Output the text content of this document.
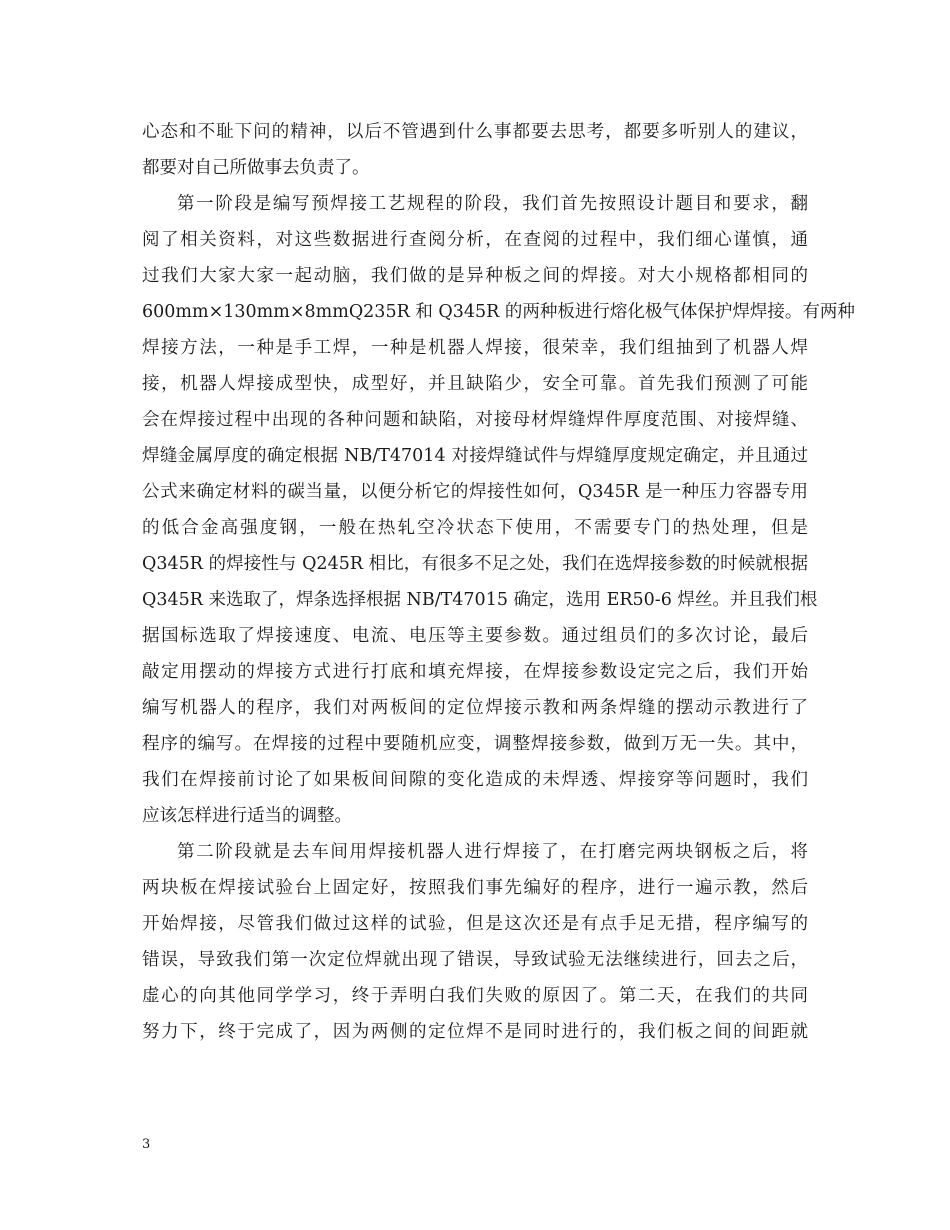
心态和不耻下问的精神，以后不管遇到什么事都要去思考，都要多听别人的建议，
都要对自己所做事去负责了。
第一阶段是编写预焊接工艺规程的阶段，我们首先按照设计题目和要求，翻
阅了相关资料，对这些数据进行查阅分析，在查阅的过程中，我们细心谨慎，通
过我们大家大家一起动脑，我们做的是异种板之间的焊接。对大小规格都相同的
600mm×130mm×8mmQ235R 和 Q345R 的两种板进行熔化极气体保护焊焊接。有两种
焊接方法，一种是手工焊，一种是机器人焊接，很荣幸，我们组抽到了机器人焊
接，机器人焊接成型快，成型好，并且缺陷少，安全可靠。首先我们预测了可能
会在焊接过程中出现的各种问题和缺陷，对接母材焊缝焊件厚度范围、对接焊缝、
焊缝金属厚度的确定根据 NB/T47014 对接焊缝试件与焊缝厚度规定确定，并且通过
公式来确定材料的碳当量，以便分析它的焊接性如何，Q345R 是一种压力容器专用
的低合金高强度钢，一般在热轧空冷状态下使用，不需要专门的热处理，但是
Q345R 的焊接性与 Q245R 相比，有很多不足之处，我们在选焊接参数的时候就根据
Q345R 来选取了，焊条选择根据 NB/T47015 确定，选用 ER50-6 焊丝。并且我们根
据国标选取了焊接速度、电流、电压等主要参数。通过组员们的多次讨论，最后
敲定用摆动的焊接方式进行打底和填充焊接，在焊接参数设定完之后，我们开始
编写机器人的程序，我们对两板间的定位焊接示教和两条焊缝的摆动示教进行了
程序的编写。在焊接的过程中要随机应变，调整焊接参数，做到万无一失。其中，
我们在焊接前讨论了如果板间间隙的变化造成的未焊透、焊接穿等问题时，我们
应该怎样进行适当的调整。
第二阶段就是去车间用焊接机器人进行焊接了，在打磨完两块钢板之后，将
两块板在焊接试验台上固定好，按照我们事先编好的程序，进行一遍示教，然后
开始焊接，尽管我们做过这样的试验，但是这次还是有点手足无措，程序编写的
错误，导致我们第一次定位焊就出现了错误，导致试验无法继续进行，回去之后，
虚心的向其他同学学习，终于弄明白我们失败的原因了。第二天，在我们的共同
努力下，终于完成了，因为两侧的定位焊不是同时进行的，我们板之间的间距就
3
